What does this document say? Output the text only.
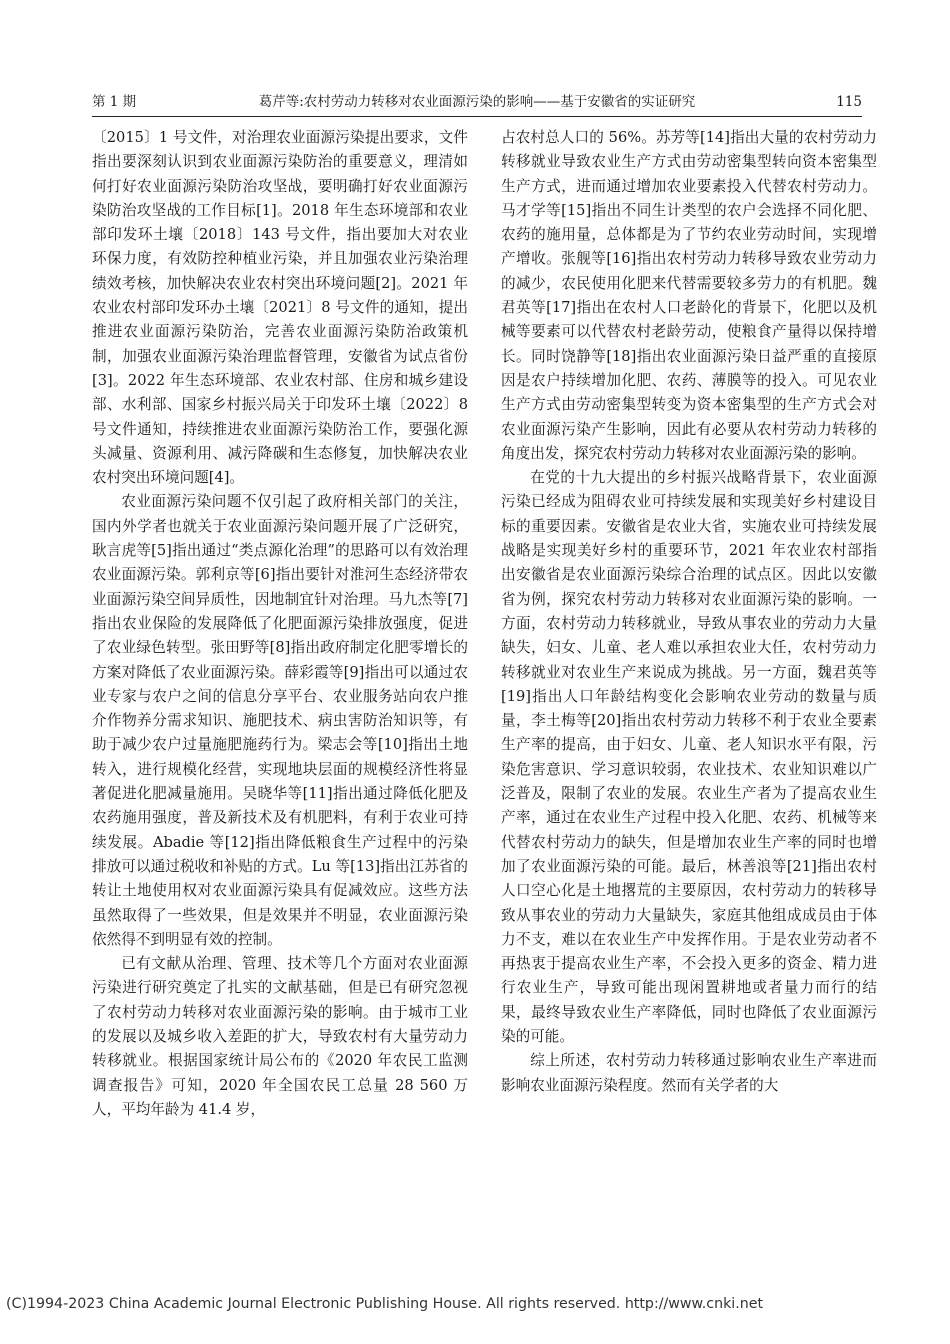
第 1 期	葛芹等:农村劳动力转移对农业面源污染的影响——基于安徽省的实证研究	115

〔2015〕1 号文件，对治理农业面源污染提出要求，文件指出要深刻认识到农业面源污染防治的重要意义，理清如何打好农业面源污染防治攻坚战，要明确打好农业面源污染防治攻坚战的工作目标[1]。2018 年生态环境部和农业部印发环土壤〔2018〕143 号文件，指出要加大对农业环保力度，有效防控种植业污染，并且加强农业污染治理绩效考核，加快解决农业农村突出环境问题[2]。2021 年农业农村部印发环办土壤〔2021〕8 号文件的通知，提出推进农业面源污染防治，完善农业面源污染防治政策机制，加强农业面源污染治理监督管理，安徽省为试点省份[3]。2022 年生态环境部、农业农村部、住房和城乡建设部、水利部、国家乡村振兴局关于印发环土壤〔2022〕8 号文件通知，持续推进农业面源污染防治工作，要强化源头减量、资源利用、减污降碳和生态修复，加快解决农业农村突出环境问题[4]。

农业面源污染问题不仅引起了政府相关部门的关注，国内外学者也就关于农业面源污染问题开展了广泛研究，耿言虎等[5]指出通过“类点源化治理”的思路可以有效治理农业面源污染。郭利京等[6]指出要针对淮河生态经济带农业面源污染空间异质性，因地制宜针对治理。马九杰等[7]指出农业保险的发展降低了化肥面源污染排放强度，促进了农业绿色转型。张田野等[8]指出政府制定化肥零增长的方案对降低了农业面源污染。薛彩霞等[9]指出可以通过农业专家与农户之间的信息分享平台、农业服务站向农户推介作物养分需求知识、施肥技术、病虫害防治知识等，有助于减少农户过量施肥施药行为。梁志会等[10]指出土地转入，进行规模化经营，实现地块层面的规模经济性将显著促进化肥减量施用。吴晓华等[11]指出通过降低化肥及农药施用强度，普及新技术及有机肥料，有利于农业可持续发展。Abadie 等[12]指出降低粮食生产过程中的污染排放可以通过税收和补贴的方式。Lu 等[13]指出江苏省的转让土地使用权对农业面源污染具有促减效应。这些方法虽然取得了一些效果，但是效果并不明显，农业面源污染依然得不到明显有效的控制。

已有文献从治理、管理、技术等几个方面对农业面源污染进行研究奠定了扎实的文献基础，但是已有研究忽视了农村劳动力转移对农业面源污染的影响。由于城市工业的发展以及城乡收入差距的扩大，导致农村有大量劳动力转移就业。根据国家统计局公布的《2020 年农民工监测调查报告》可知，2020 年全国农民工总量 28 560 万人，平均年龄为 41.4 岁，

占农村总人口的 56%。苏芳等[14]指出大量的农村劳动力转移就业导致农业生产方式由劳动密集型转向资本密集型生产方式，进而通过增加农业要素投入代替农村劳动力。马才学等[15]指出不同生计类型的农户会选择不同化肥、农药的施用量，总体都是为了节约农业劳动时间，实现增产增收。张舰等[16]指出农村劳动力转移导致农业劳动力的减少，农民使用化肥来代替需要较多劳力的有机肥。魏君英等[17]指出在农村人口老龄化的背景下，化肥以及机械等要素可以代替农村老龄劳动，使粮食产量得以保持增长。同时饶静等[18]指出农业面源污染日益严重的直接原因是农户持续增加化肥、农药、薄膜等的投入。可见农业生产方式由劳动密集型转变为资本密集型的生产方式会对农业面源污染产生影响，因此有必要从农村劳动力转移的角度出发，探究农村劳动力转移对农业面源污染的影响。

在党的十九大提出的乡村振兴战略背景下，农业面源污染已经成为阻碍农业可持续发展和实现美好乡村建设目标的重要因素。安徽省是农业大省，实施农业可持续发展战略是实现美好乡村的重要环节，2021 年农业农村部指出安徽省是农业面源污染综合治理的试点区。因此以安徽省为例，探究农村劳动力转移对农业面源污染的影响。一方面，农村劳动力转移就业，导致从事农业的劳动力大量缺失，妇女、儿童、老人难以承担农业大任，农村劳动力转移就业对农业生产来说成为挑战。另一方面，魏君英等[19]指出人口年龄结构变化会影响农业劳动的数量与质量，李土梅等[20]指出农村劳动力转移不利于农业全要素生产率的提高，由于妇女、儿童、老人知识水平有限，污染危害意识、学习意识较弱，农业技术、农业知识难以广泛普及，限制了农业的发展。农业生产者为了提高农业生产率，通过在农业生产过程中投入化肥、农药、机械等来代替农村劳动力的缺失，但是增加农业生产率的同时也增加了农业面源污染的可能。最后，林善浪等[21]指出农村人口空心化是土地撂荒的主要原因，农村劳动力的转移导致从事农业的劳动力大量缺失，家庭其他组成成员由于体力不支，难以在农业生产中发挥作用。于是农业劳动者不再热衷于提高农业生产率，不会投入更多的资金、精力进行农业生产，导致可能出现闲置耕地或者量力而行的结果，最终导致农业生产率降低，同时也降低了农业面源污染的可能。

综上所述，农村劳动力转移通过影响农业生产率进而影响农业面源污染程度。然而有关学者的大

(C)1994-2023 China Academic Journal Electronic Publishing House. All rights reserved. http://www.cnki.net
